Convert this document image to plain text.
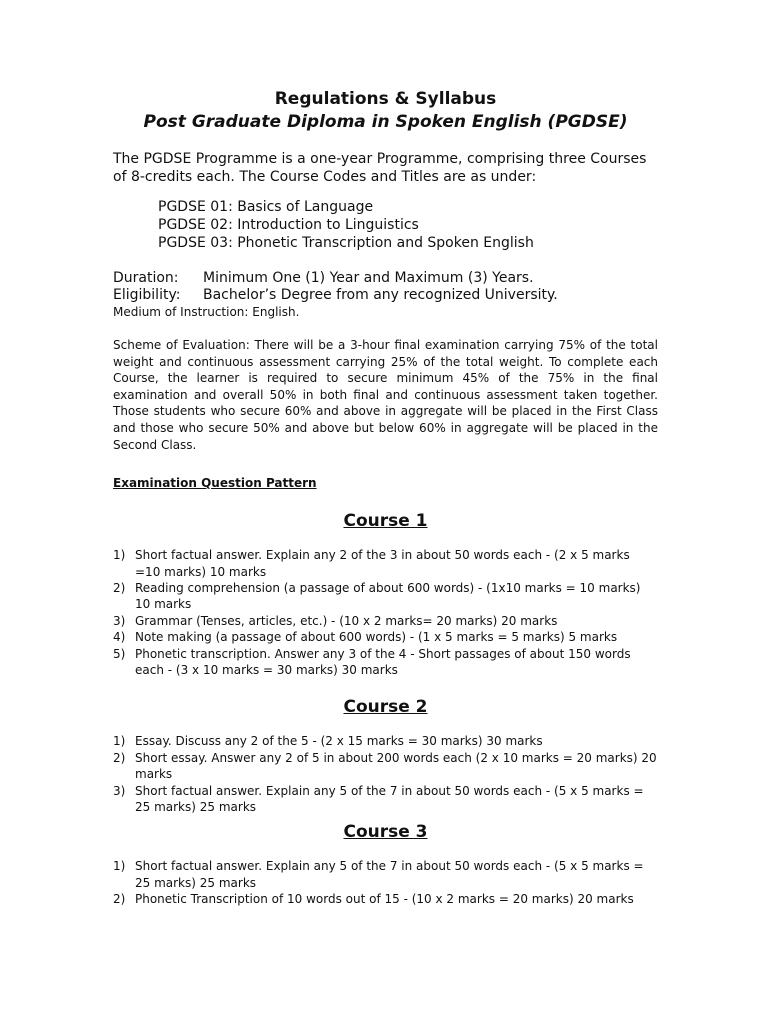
Regulations & Syllabus
Post Graduate Diploma in Spoken English (PGDSE)
The PGDSE Programme is a one-year Programme, comprising three Courses of 8-credits each. The Course Codes and Titles are as under:
PGDSE 01: Basics of Language
PGDSE 02: Introduction to Linguistics
PGDSE 03: Phonetic Transcription and Spoken English
Duration:	Minimum One (1) Year and Maximum (3) Years.
Eligibility:	Bachelor’s Degree from any recognized University.
Medium of Instruction: English.
Scheme of Evaluation: There will be a 3-hour final examination carrying 75% of the total weight and continuous assessment carrying 25% of the total weight. To complete each Course, the learner is required to secure minimum 45% of the 75% in the final examination and overall 50% in both final and continuous assessment taken together. Those students who secure 60% and above in aggregate will be placed in the First Class and those who secure 50% and above but below 60% in aggregate will be placed in the Second Class.
Examination Question Pattern
Course 1
1) Short factual answer. Explain any 2 of the 3 in about 50 words each - (2 x 5 marks =10 marks) 10 marks
2) Reading comprehension (a passage of about 600 words) - (1x10 marks = 10 marks) 10 marks
3) Grammar (Tenses, articles, etc.) - (10 x 2 marks= 20 marks) 20 marks
4) Note making (a passage of about 600 words) - (1 x 5 marks = 5 marks) 5 marks
5) Phonetic transcription. Answer any 3 of the 4 - Short passages of about 150 words each - (3 x 10 marks = 30 marks) 30 marks
Course 2
1) Essay. Discuss any 2 of the 5 - (2 x 15 marks = 30 marks) 30 marks
2) Short essay. Answer any 2 of 5 in about 200 words each (2 x 10 marks = 20 marks) 20 marks
3) Short factual answer. Explain any 5 of the 7 in about 50 words each - (5 x 5 marks = 25 marks) 25 marks
Course 3
1) Short factual answer. Explain any 5 of the 7 in about 50 words each - (5 x 5 marks = 25 marks) 25 marks
2) Phonetic Transcription of 10 words out of 15 - (10 x 2 marks = 20 marks) 20 marks
